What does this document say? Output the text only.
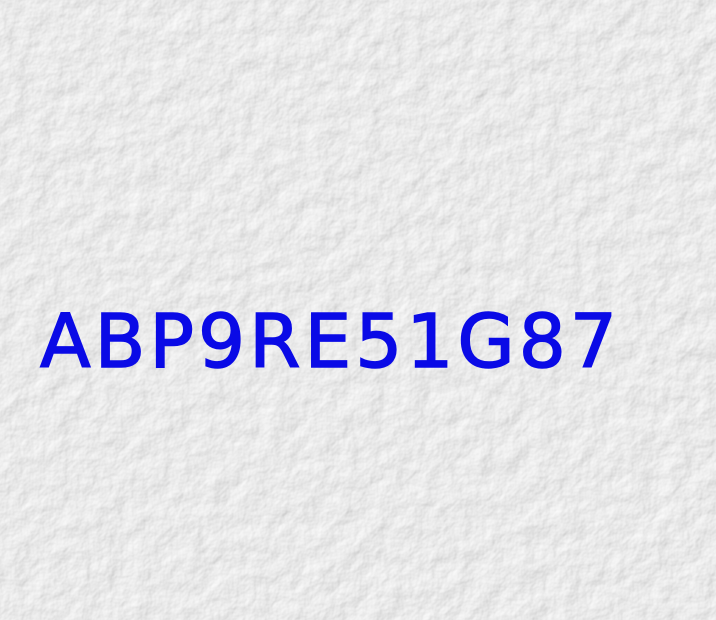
ABP9RE51G87
